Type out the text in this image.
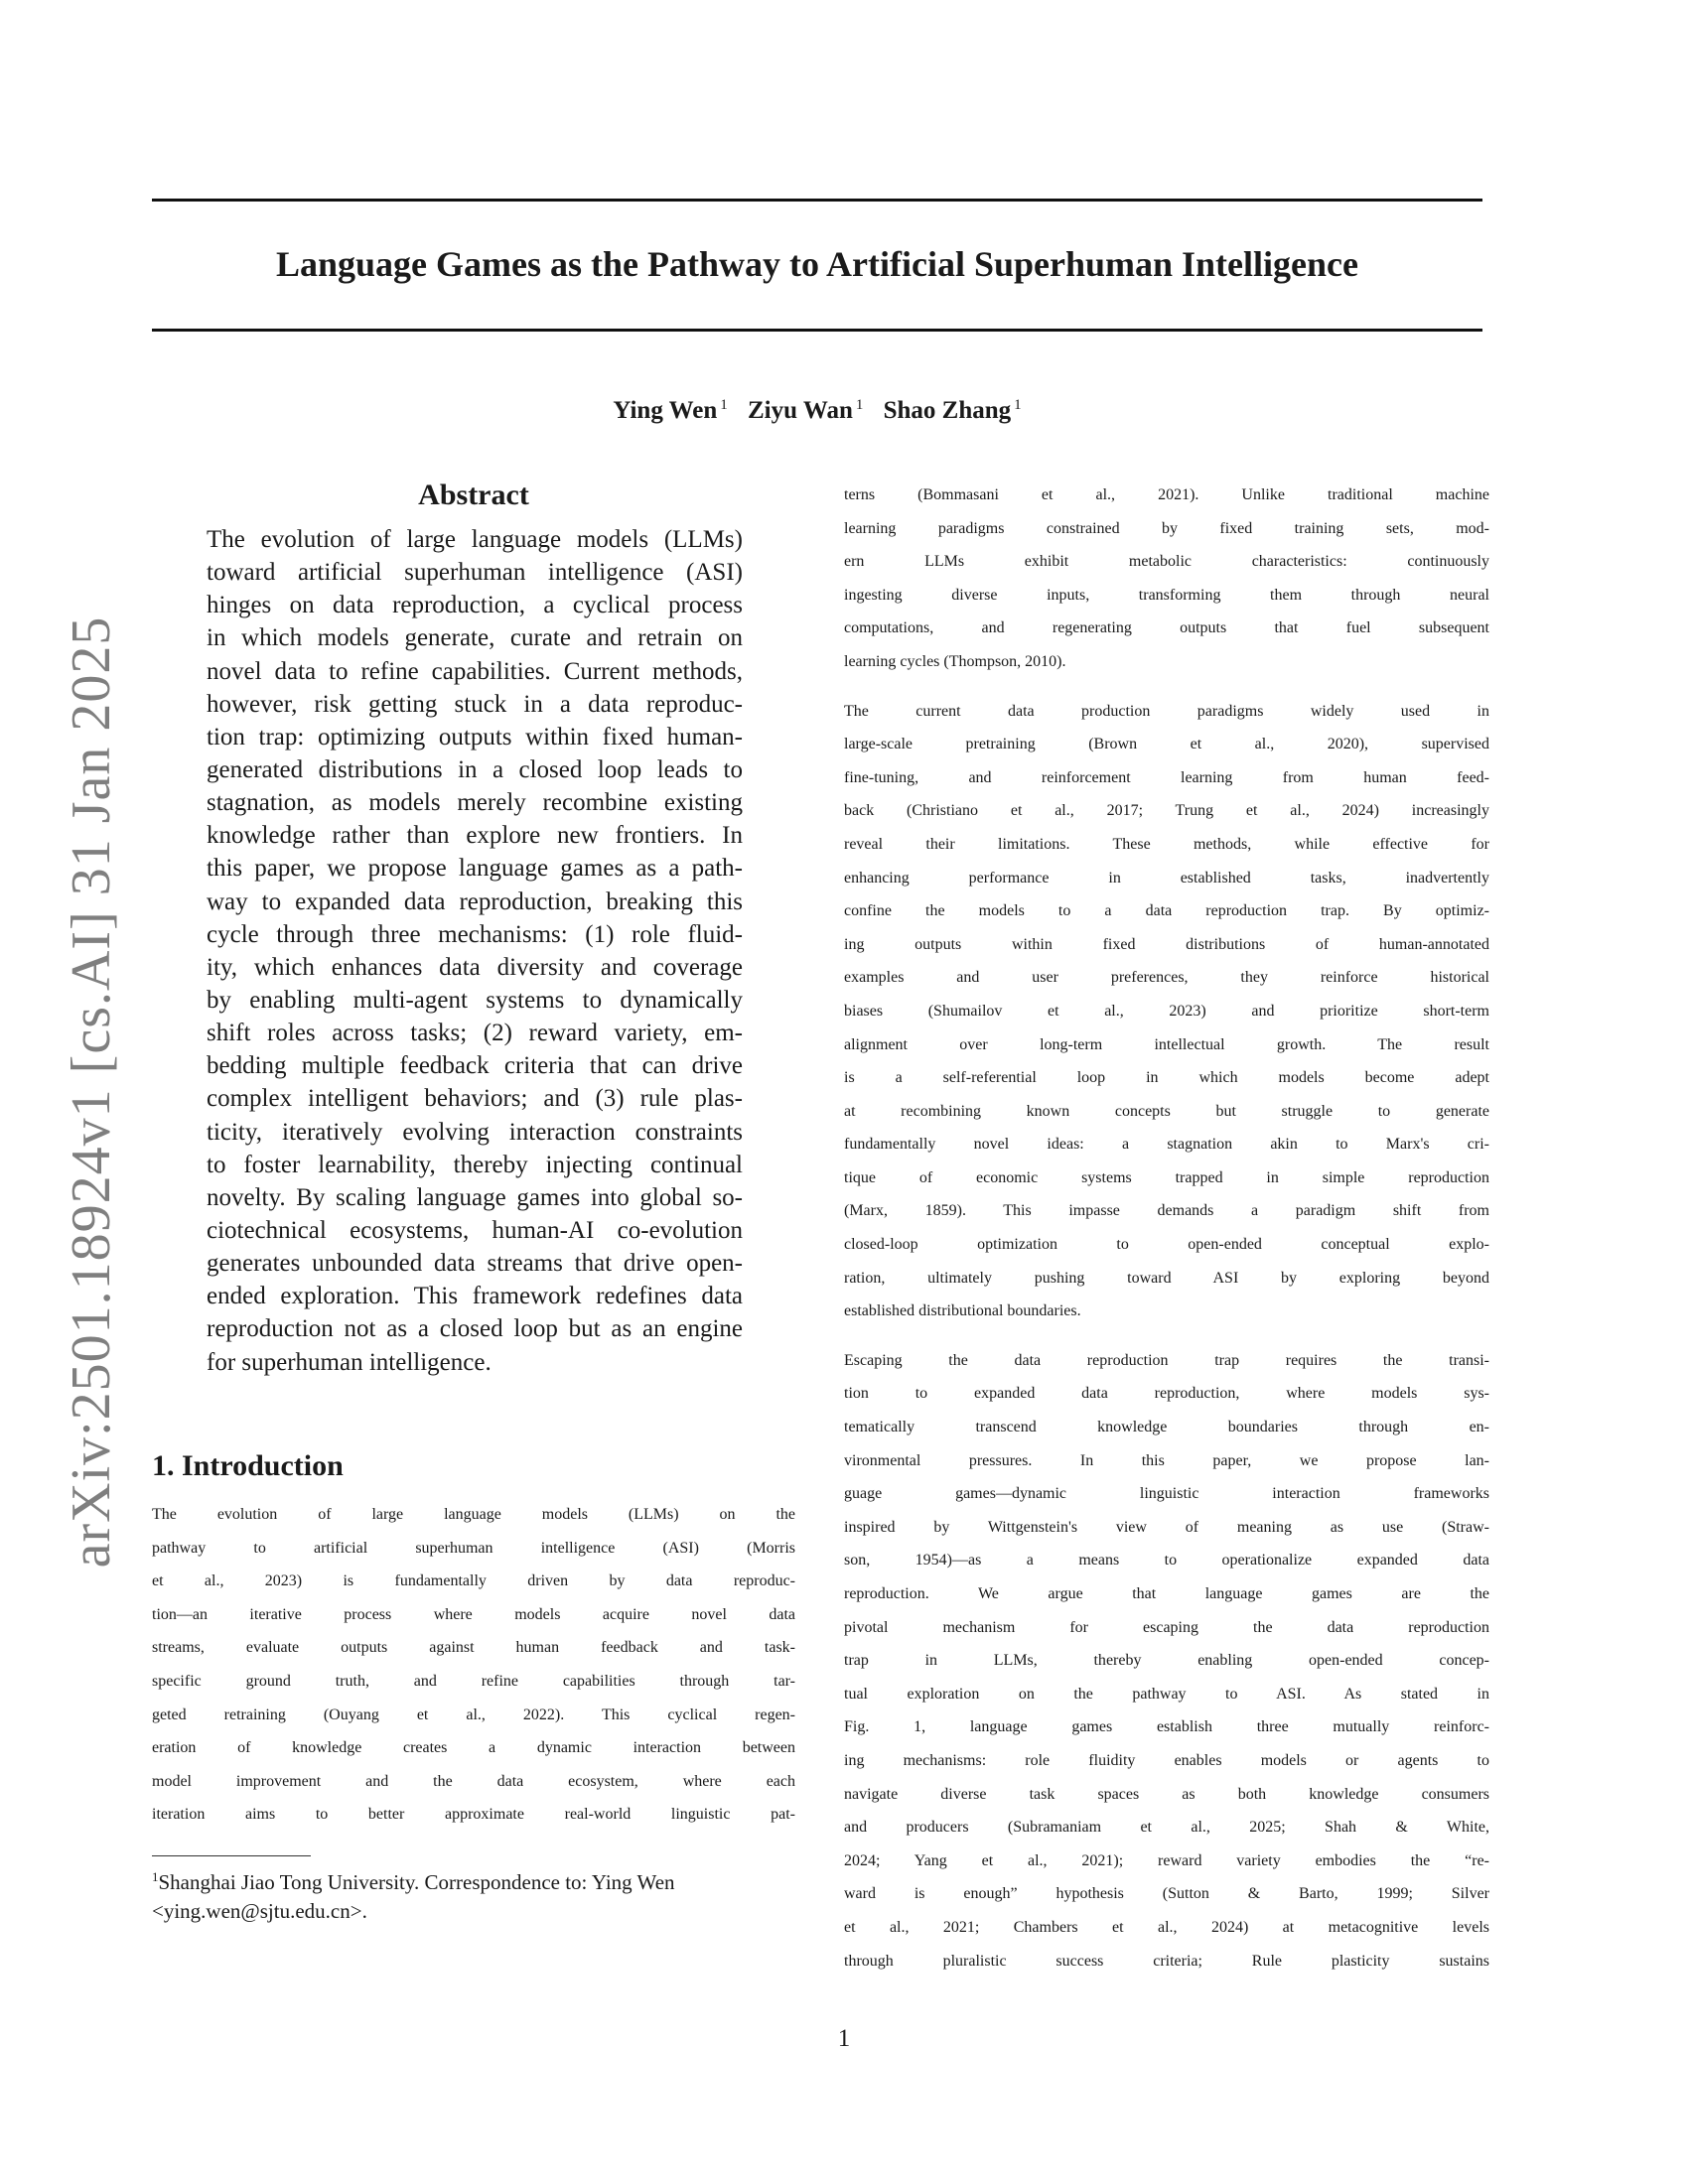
arXiv:2501.18924v1 [cs.AI] 31 Jan 2025
Language Games as the Pathway to Artificial Superhuman Intelligence
Ying Wen $^1$ Ziyu Wan $^1$ Shao Zhang $^1$
Abstract

The evolution of large language models (LLMs)

toward artificial superhuman intelligence (ASI)

hinges on data reproduction, a cyclical process

in which models generate, curate and retrain on

novel data to refine capabilities. Current methods,

however, risk getting stuck in a data reproduc-

tion trap: optimizing outputs within fixed human-

generated distributions in a closed loop leads to

stagnation, as models merely recombine existing

knowledge rather than explore new frontiers. In

this paper, we propose language games as a path-

way to expanded data reproduction, breaking this

cycle through three mechanisms: (1) role fluid-

ity, which enhances data diversity and coverage

by enabling multi-agent systems to dynamically

shift roles across tasks; (2) reward variety, em-

bedding multiple feedback criteria that can drive

complex intelligent behaviors; and (3) rule plas-

ticity, iteratively evolving interaction constraints

to foster learnability, thereby injecting continual

novelty. By scaling language games into global so-

ciotechnical ecosystems, human-AI co-evolution

generates unbounded data streams that drive open-

ended exploration. This framework redefines data

reproduction not as a closed loop but as an engine

for superhuman intelligence.

1. Introduction

The evolution of large language models (LLMs) on the

pathway to artificial superhuman intelligence (ASI) (Morris

et al., 2023) is fundamentally driven by data reproduc-

tion—an iterative process where models acquire novel data

streams, evaluate outputs against human feedback and task-

specific ground truth, and refine capabilities through tar-

geted retraining (Ouyang et al., 2022). This cyclical regen-

eration of knowledge creates a dynamic interaction between

model improvement and the data ecosystem, where each

iteration aims to better approximate real-world linguistic pat-

$^1$Shanghai Jiao Tong University. Correspondence to: Ying Wen

<ying.wen@sjtu.edu.cn>.

terns (Bommasani et al., 2021). Unlike traditional machine

learning paradigms constrained by fixed training sets, mod-

ern LLMs exhibit metabolic characteristics: continuously

ingesting diverse inputs, transforming them through neural

computations, and regenerating outputs that fuel subsequent

learning cycles (Thompson, 2010).

The current data production paradigms widely used in

large-scale pretraining (Brown et al., 2020), supervised

fine-tuning, and reinforcement learning from human feed-

back (Christiano et al., 2017; Trung et al., 2024) increasingly

reveal their limitations. These methods, while effective for

enhancing performance in established tasks, inadvertently

confine the models to a data reproduction trap. By optimiz-

ing outputs within fixed distributions of human-annotated

examples and user preferences, they reinforce historical

biases (Shumailov et al., 2023) and prioritize short-term

alignment over long-term intellectual growth. The result

is a self-referential loop in which models become adept

at recombining known concepts but struggle to generate

fundamentally novel ideas: a stagnation akin to Marx's cri-

tique of economic systems trapped in simple reproduction

(Marx, 1859). This impasse demands a paradigm shift from

closed-loop optimization to open-ended conceptual explo-

ration, ultimately pushing toward ASI by exploring beyond

established distributional boundaries.

Escaping the data reproduction trap requires the transi-

tion to expanded data reproduction, where models sys-

tematically transcend knowledge boundaries through en-

vironmental pressures. In this paper, we propose lan-

guage games—dynamic linguistic interaction frameworks

inspired by Wittgenstein's view of meaning as use (Straw-

son, 1954)—as a means to operationalize expanded data

reproduction. We argue that language games are the

pivotal mechanism for escaping the data reproduction

trap in LLMs, thereby enabling open-ended concep-

tual exploration on the pathway to ASI. As stated in

Fig. 1, language games establish three mutually reinforc-

ing mechanisms: role fluidity enables models or agents to

navigate diverse task spaces as both knowledge consumers

and producers (Subramaniam et al., 2025; Shah & White,

2024; Yang et al., 2021); reward variety embodies the “re-

ward is enough” hypothesis (Sutton & Barto, 1999; Silver

et al., 2021; Chambers et al., 2024) at metacognitive levels

through pluralistic success criteria; Rule plasticity sustains

1
